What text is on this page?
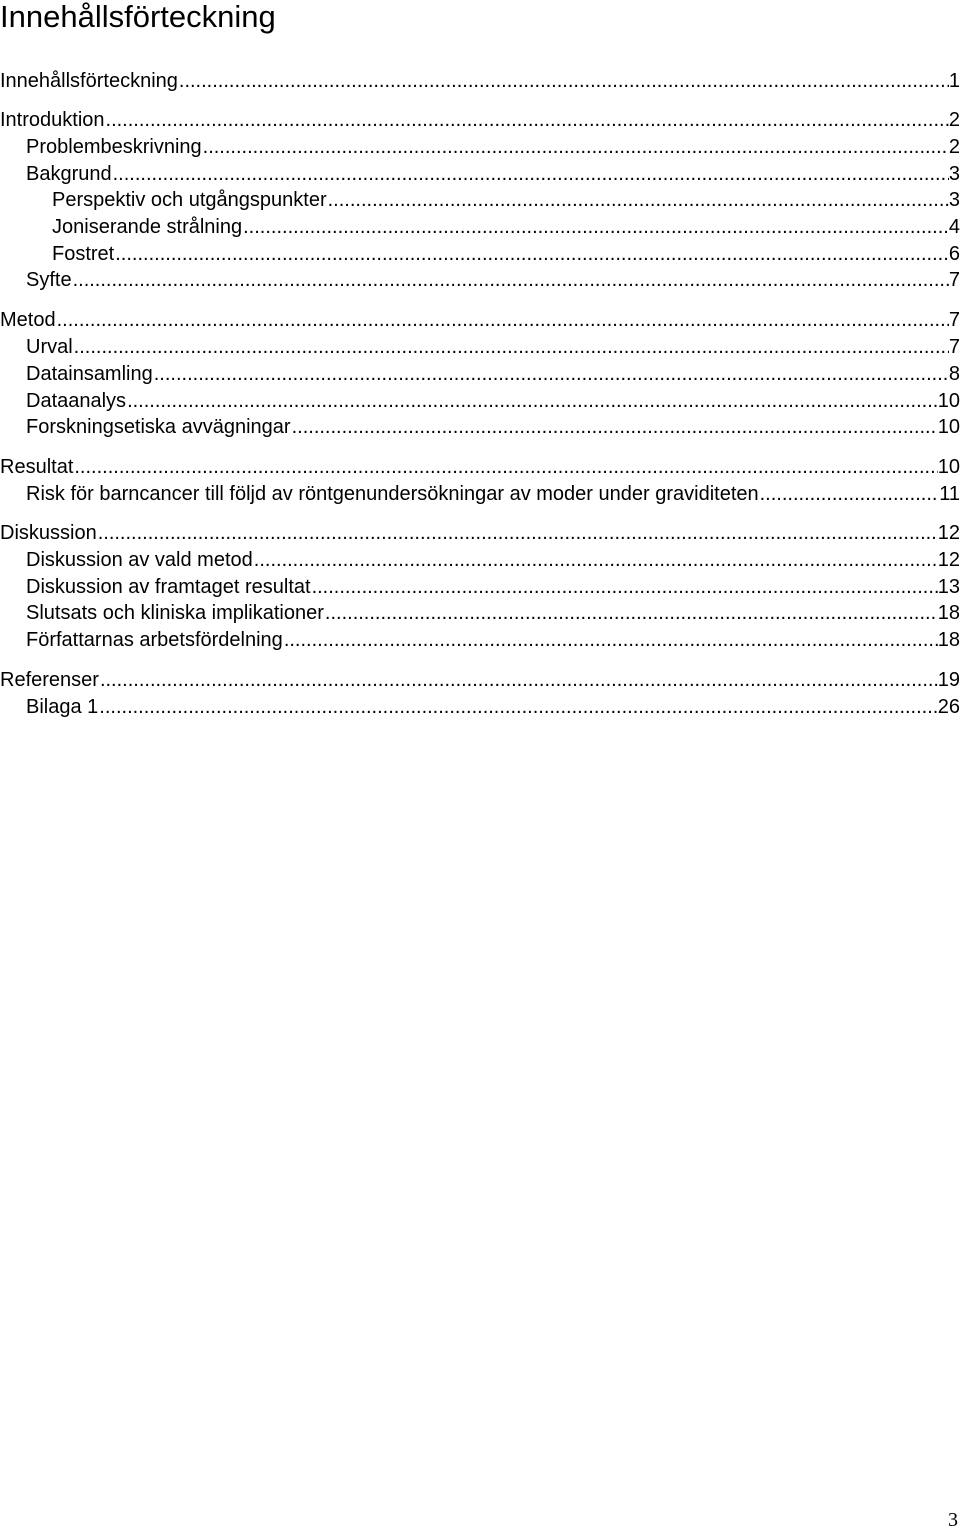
Innehållsförteckning
Innehållsförteckning .....	1
Introduktion .....	2
Problembeskrivning .....	2
Bakgrund .....	3
Perspektiv och utgångspunkter .....	3
Joniserande strålning .....	4
Fostret .....	6
Syfte .....	7
Metod .....	7
Urval .....	7
Datainsamling .....	8
Dataanalys .....	10
Forskningsetiska avvägningar .....	10
Resultat .....	10
Risk för barncancer till följd av röntgenundersökningar av moder under graviditeten .....	11
Diskussion .....	12
Diskussion av vald metod .....	12
Diskussion av framtaget resultat .....	13
Slutsats och kliniska implikationer .....	18
Författarnas arbetsfördelning .....	18
Referenser .....	19
Bilaga 1 .....	26
3
